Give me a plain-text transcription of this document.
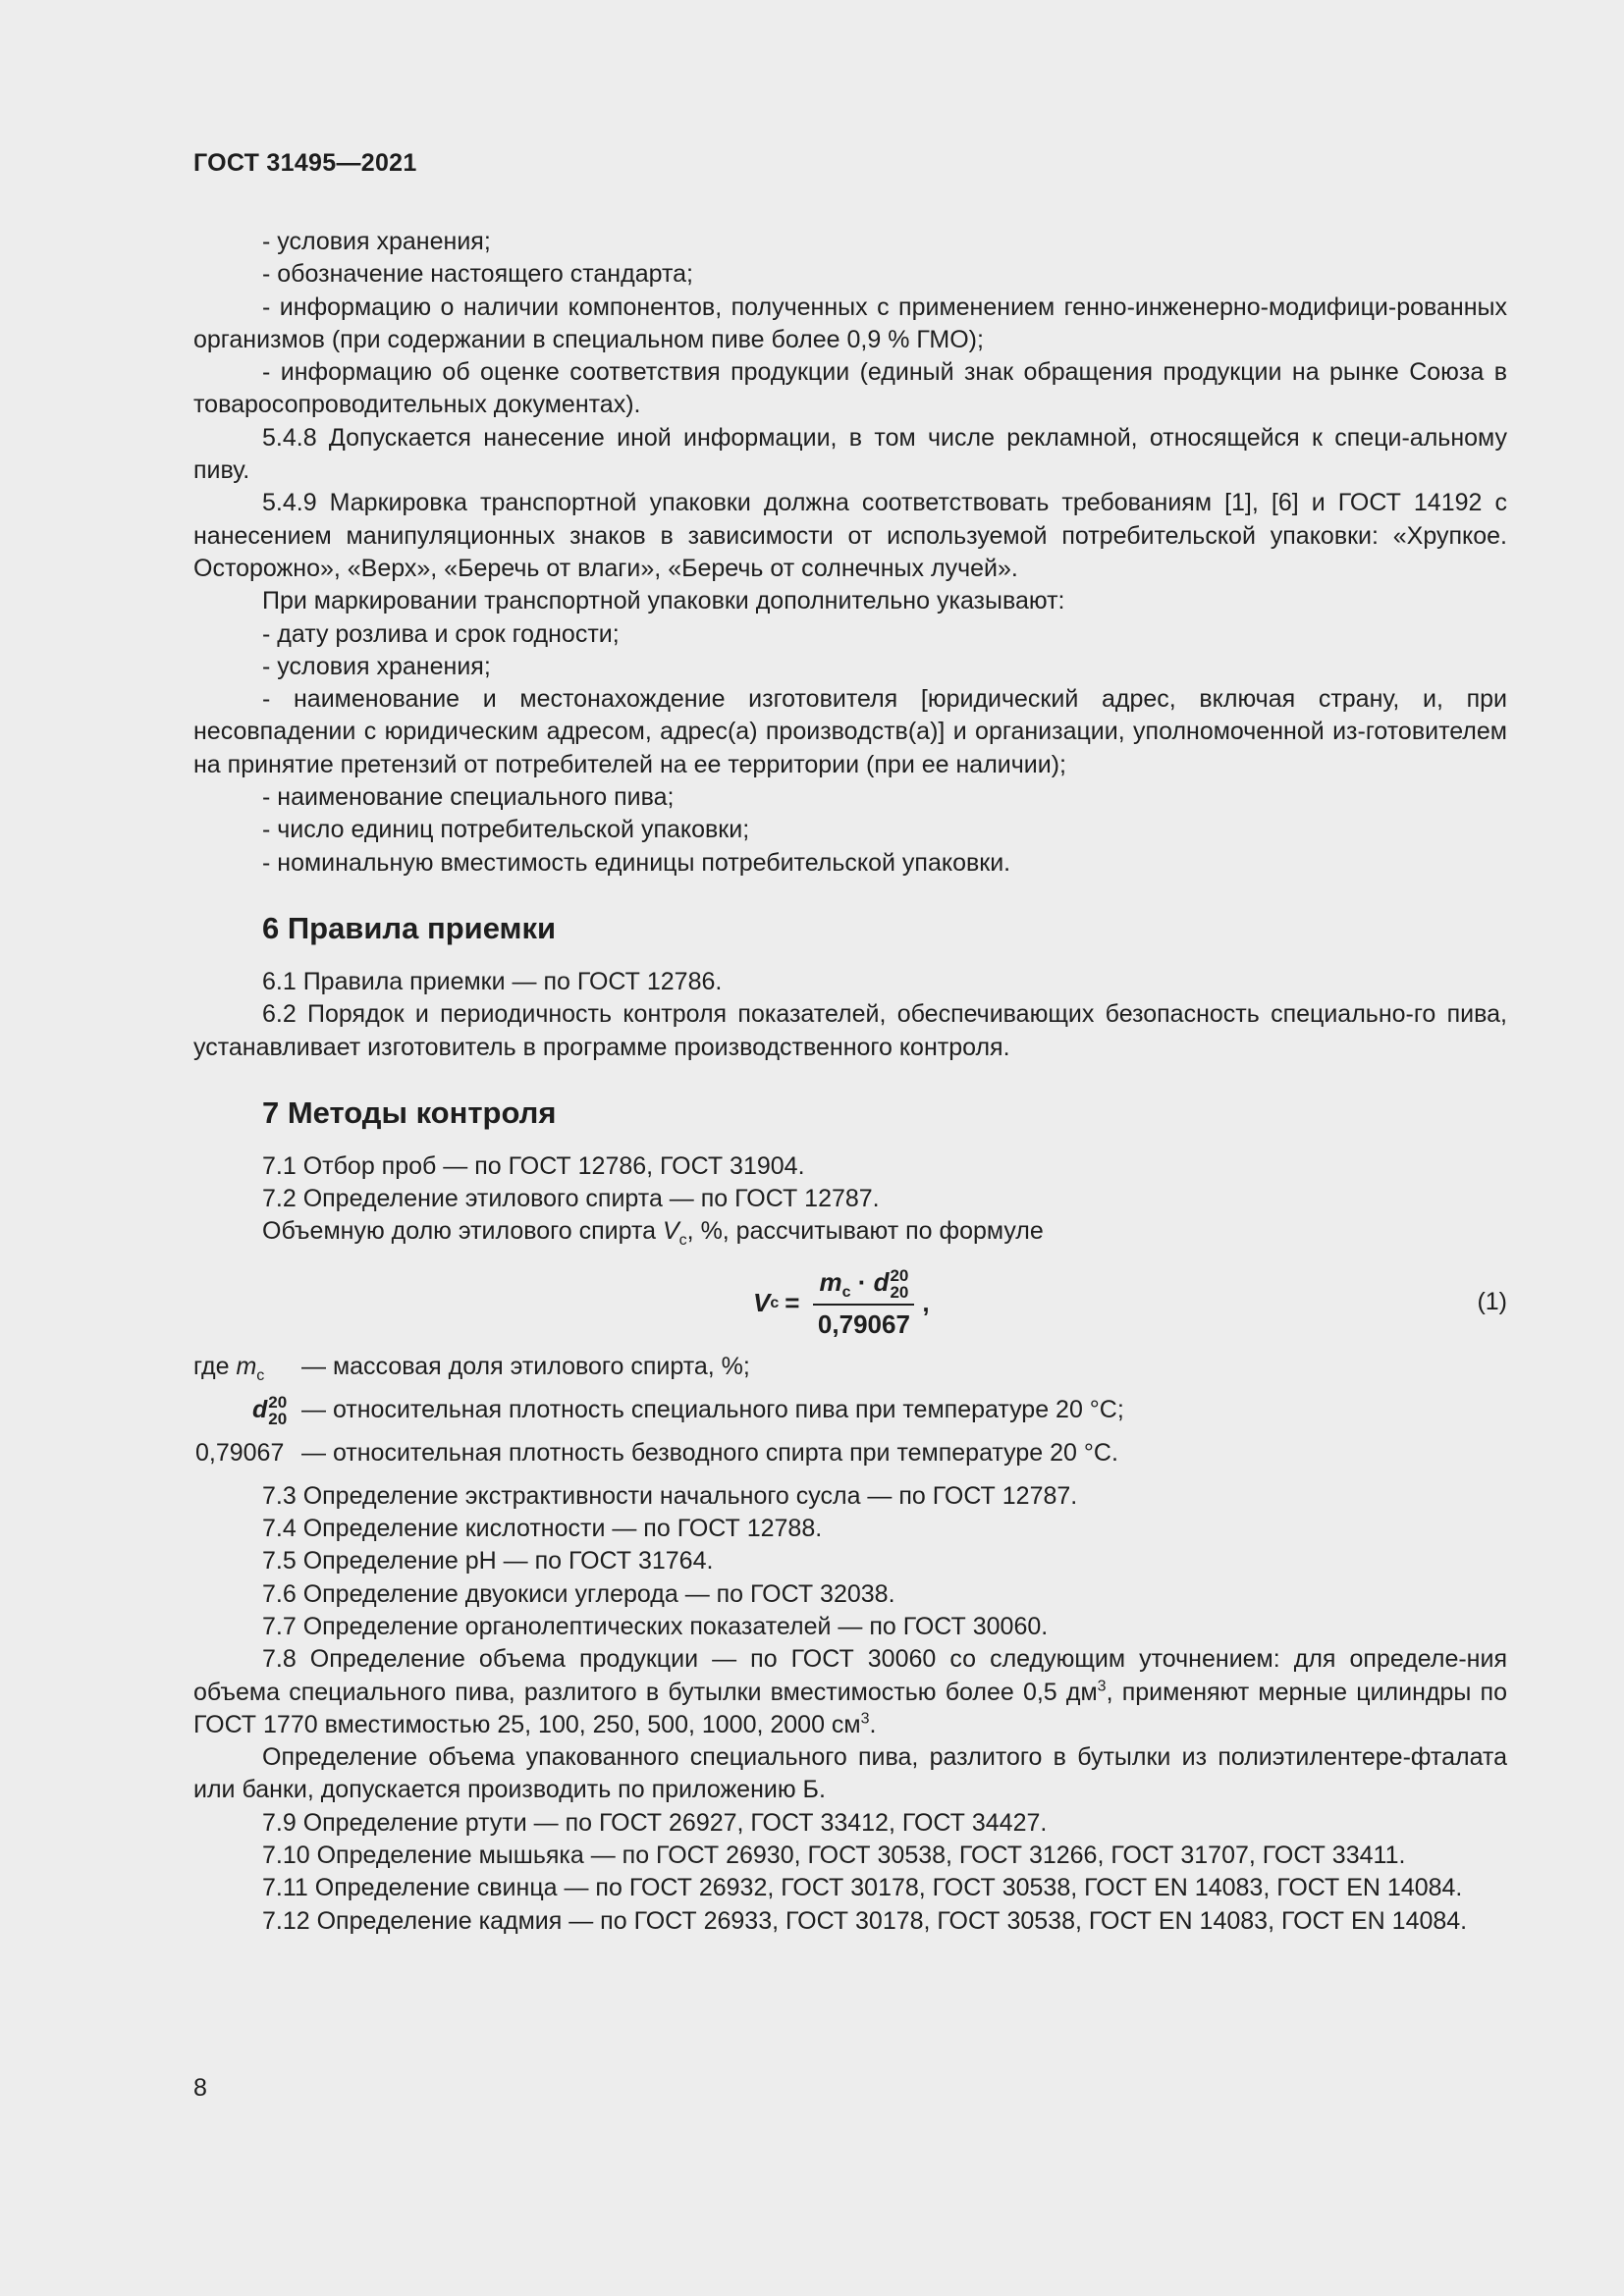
ГОСТ 31495—2021

- условия хранения;

- обозначение настоящего стандарта;

- информацию о наличии компонентов, полученных с применением генно-инженерно-модифици-рованных организмов (при содержании в специальном пиве более 0,9 % ГМО);

- информацию об оценке соответствия продукции (единый знак обращения продукции на рынке Союза в товаросопроводительных документах).

5.4.8 Допускается нанесение иной информации, в том числе рекламной, относящейся к специ-альному пиву.

5.4.9 Маркировка транспортной упаковки должна соответствовать требованиям [1], [6] и ГОСТ 14192 с нанесением манипуляционных знаков в зависимости от используемой потребительской упаковки: «Хрупкое. Осторожно», «Верх», «Беречь от влаги», «Беречь от солнечных лучей».

При маркировании транспортной упаковки дополнительно указывают:

- дату розлива и срок годности;

- условия хранения;

- наименование и местонахождение изготовителя [юридический адрес, включая страну, и, при несовпадении с юридическим адресом, адрес(а) производств(а)] и организации, уполномоченной из-готовителем на принятие претензий от потребителей на ее территории (при ее наличии);

- наименование специального пива;

- число единиц потребительской упаковки;

- номинальную вместимость единицы потребительской упаковки.

6 Правила приемки

6.1 Правила приемки — по ГОСТ 12786.

6.2 Порядок и периодичность контроля показателей, обеспечивающих безопасность специально-го пива, устанавливает изготовитель в программе производственного контроля.

7 Методы контроля

7.1 Отбор проб — по ГОСТ 12786, ГОСТ 31904.

7.2 Определение этилового спирта — по ГОСТ 12787.

Объемную долю этилового спирта $V_с$, %, рассчитывают по формуле

V $с = m_с \cdot d$ 20
20
0,79067 ,	(1)
где $m_с$ — массовая доля этилового спирта, %;
d 20
20 — относительная плотность специального пива при температуре 20 °С;
0,79067 — относительная плотность безводного спирта при температуре 20 °С.

7.3 Определение экстрактивности начального сусла — по ГОСТ 12787.

7.4 Определение кислотности — по ГОСТ 12788.

7.5 Определение pH — по ГОСТ 31764.

7.6 Определение двуокиси углерода — по ГОСТ 32038.

7.7 Определение органолептических показателей — по ГОСТ 30060.

7.8 Определение объема продукции — по ГОСТ 30060 со следующим уточнением: для определе-ния объема специального пива, разлитого в бутылки вместимостью более 0,5 $дм^3$, применяют мерные цилиндры по ГОСТ 1770 вместимостью 25, 100, 250, 500, 1000, 2000 $см^3$.

Определение объема упакованного специального пива, разлитого в бутылки из полиэтилентере-фталата или банки, допускается производить по приложению Б.

7.9 Определение ртути — по ГОСТ 26927, ГОСТ 33412, ГОСТ 34427.

7.10 Определение мышьяка — по ГОСТ 26930, ГОСТ 30538, ГОСТ 31266, ГОСТ 31707, ГОСТ 33411.

7.11 Определение свинца — по ГОСТ 26932, ГОСТ 30178, ГОСТ 30538, ГОСТ EN 14083, ГОСТ EN 14084.

7.12 Определение кадмия — по ГОСТ 26933, ГОСТ 30178, ГОСТ 30538, ГОСТ EN 14083, ГОСТ EN 14084.

8
